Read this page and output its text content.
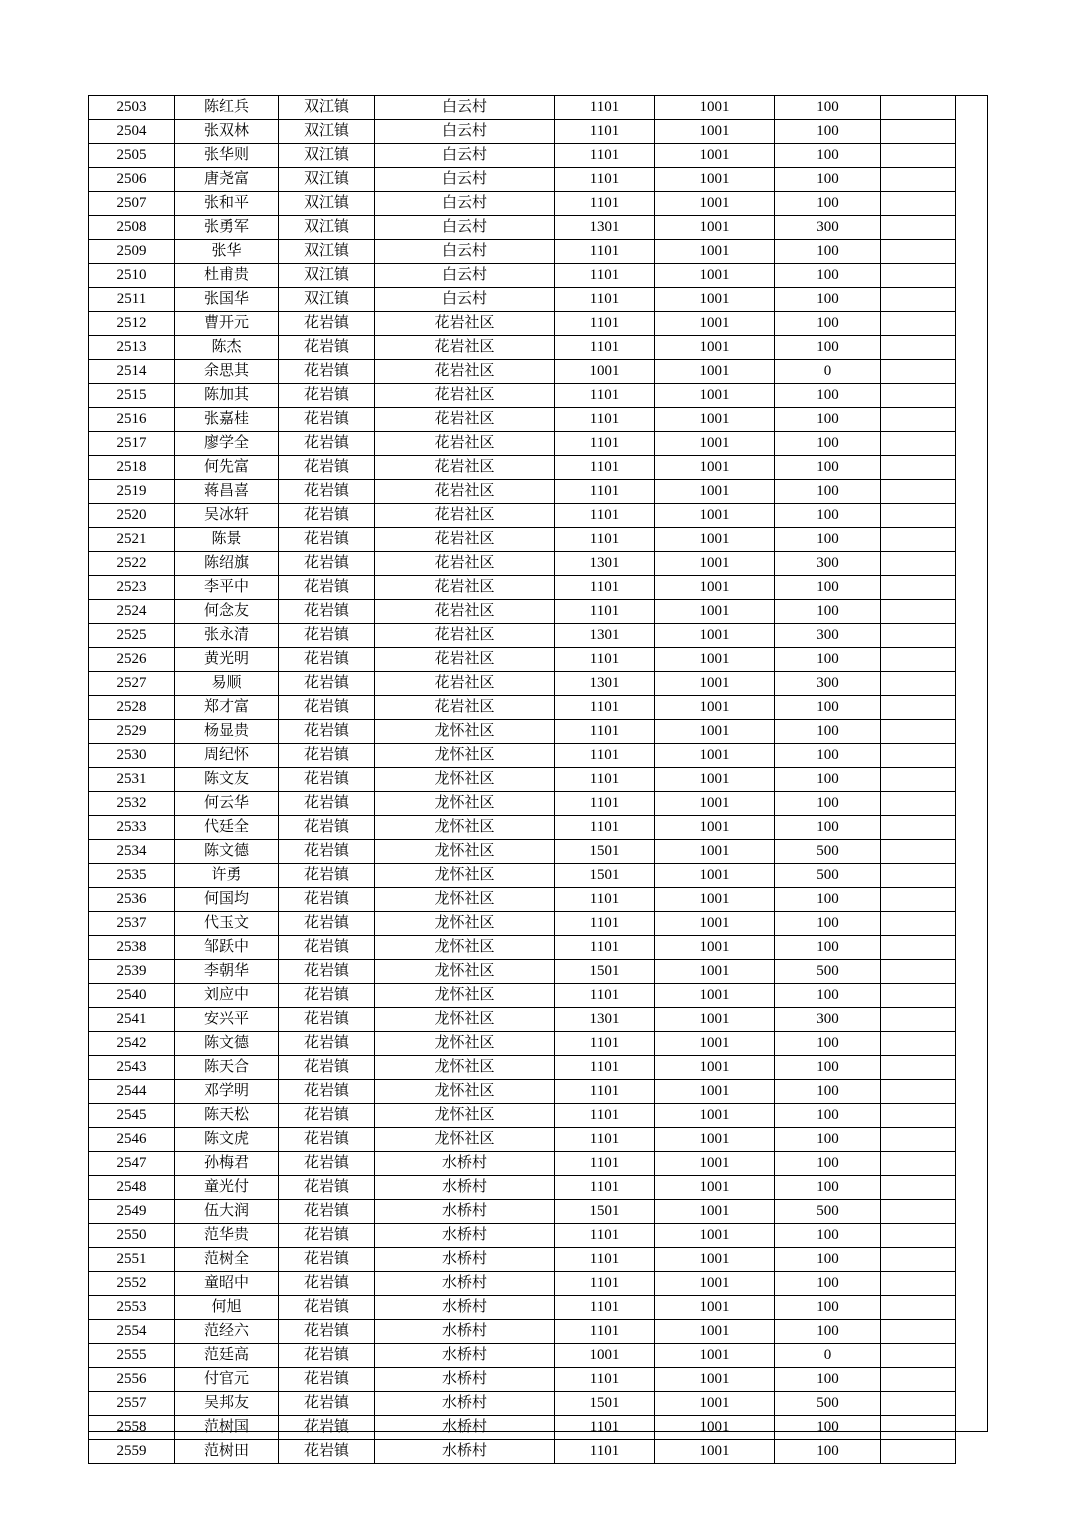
2503	陈红兵	双江镇	白云村	1101	1001	100	
2504	张双林	双江镇	白云村	1101	1001	100	
2505	张华则	双江镇	白云村	1101	1001	100	
2506	唐尧富	双江镇	白云村	1101	1001	100	
2507	张和平	双江镇	白云村	1101	1001	100	
2508	张勇军	双江镇	白云村	1301	1001	300	
2509	张华	双江镇	白云村	1101	1001	100	
2510	杜甫贵	双江镇	白云村	1101	1001	100	
2511	张国华	双江镇	白云村	1101	1001	100	
2512	曹开元	花岩镇	花岩社区	1101	1001	100	
2513	陈杰	花岩镇	花岩社区	1101	1001	100	
2514	余思其	花岩镇	花岩社区	1001	1001	0	
2515	陈加其	花岩镇	花岩社区	1101	1001	100	
2516	张嘉桂	花岩镇	花岩社区	1101	1001	100	
2517	廖学全	花岩镇	花岩社区	1101	1001	100	
2518	何先富	花岩镇	花岩社区	1101	1001	100	
2519	蒋昌喜	花岩镇	花岩社区	1101	1001	100	
2520	吴冰轩	花岩镇	花岩社区	1101	1001	100	
2521	陈景	花岩镇	花岩社区	1101	1001	100	
2522	陈绍旗	花岩镇	花岩社区	1301	1001	300	
2523	李平中	花岩镇	花岩社区	1101	1001	100	
2524	何念友	花岩镇	花岩社区	1101	1001	100	
2525	张永清	花岩镇	花岩社区	1301	1001	300	
2526	黄光明	花岩镇	花岩社区	1101	1001	100	
2527	易顺	花岩镇	花岩社区	1301	1001	300	
2528	郑才富	花岩镇	花岩社区	1101	1001	100	
2529	杨显贵	花岩镇	龙怀社区	1101	1001	100	
2530	周纪怀	花岩镇	龙怀社区	1101	1001	100	
2531	陈文友	花岩镇	龙怀社区	1101	1001	100	
2532	何云华	花岩镇	龙怀社区	1101	1001	100	
2533	代廷全	花岩镇	龙怀社区	1101	1001	100	
2534	陈文德	花岩镇	龙怀社区	1501	1001	500	
2535	许勇	花岩镇	龙怀社区	1501	1001	500	
2536	何国均	花岩镇	龙怀社区	1101	1001	100	
2537	代玉文	花岩镇	龙怀社区	1101	1001	100	
2538	邹跃中	花岩镇	龙怀社区	1101	1001	100	
2539	李朝华	花岩镇	龙怀社区	1501	1001	500	
2540	刘应中	花岩镇	龙怀社区	1101	1001	100	
2541	安兴平	花岩镇	龙怀社区	1301	1001	300	
2542	陈文德	花岩镇	龙怀社区	1101	1001	100	
2543	陈天合	花岩镇	龙怀社区	1101	1001	100	
2544	邓学明	花岩镇	龙怀社区	1101	1001	100	
2545	陈天松	花岩镇	龙怀社区	1101	1001	100	
2546	陈文虎	花岩镇	龙怀社区	1101	1001	100	
2547	孙梅君	花岩镇	水桥村	1101	1001	100	
2548	童光付	花岩镇	水桥村	1101	1001	100	
2549	伍大润	花岩镇	水桥村	1501	1001	500	
2550	范华贵	花岩镇	水桥村	1101	1001	100	
2551	范树全	花岩镇	水桥村	1101	1001	100	
2552	童昭中	花岩镇	水桥村	1101	1001	100	
2553	何旭	花岩镇	水桥村	1101	1001	100	
2554	范经六	花岩镇	水桥村	1101	1001	100	
2555	范廷高	花岩镇	水桥村	1001	1001	0	
2556	付官元	花岩镇	水桥村	1101	1001	100	
2557	吴邦友	花岩镇	水桥村	1501	1001	500	
2558	范树国	花岩镇	水桥村	1101	1001	100	
2559	范树田	花岩镇	水桥村	1101	1001	100	
